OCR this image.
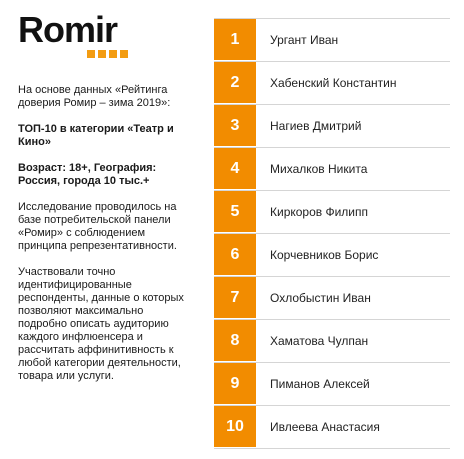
Romir

На основе данных «Рейтинга доверия Ромир – зима 2019»:

ТОП-10 в категории «Театр и Кино»

Возраст: 18+, География: Россия, города 10 тыс.+

Исследование проводилось на базе потребительской панели «Ромир» с соблюдением принципа репрезентативности.

Участвовали точно идентифицированные респонденты, данные о которых позволяют максимально подробно описать аудиторию каждого инфлюенсера и рассчитать аффинитивность к любой категории деятельности, товара или услуги.

1	Ургант Иван
2	Хабенский Константин
3	Нагиев Дмитрий
4	Михалков Никита
5	Киркоров Филипп
6	Корчевников Борис
7	Охлобыстин Иван
8	Хаматова Чулпан
9	Пиманов Алексей
10	Ивлеева Анастасия
